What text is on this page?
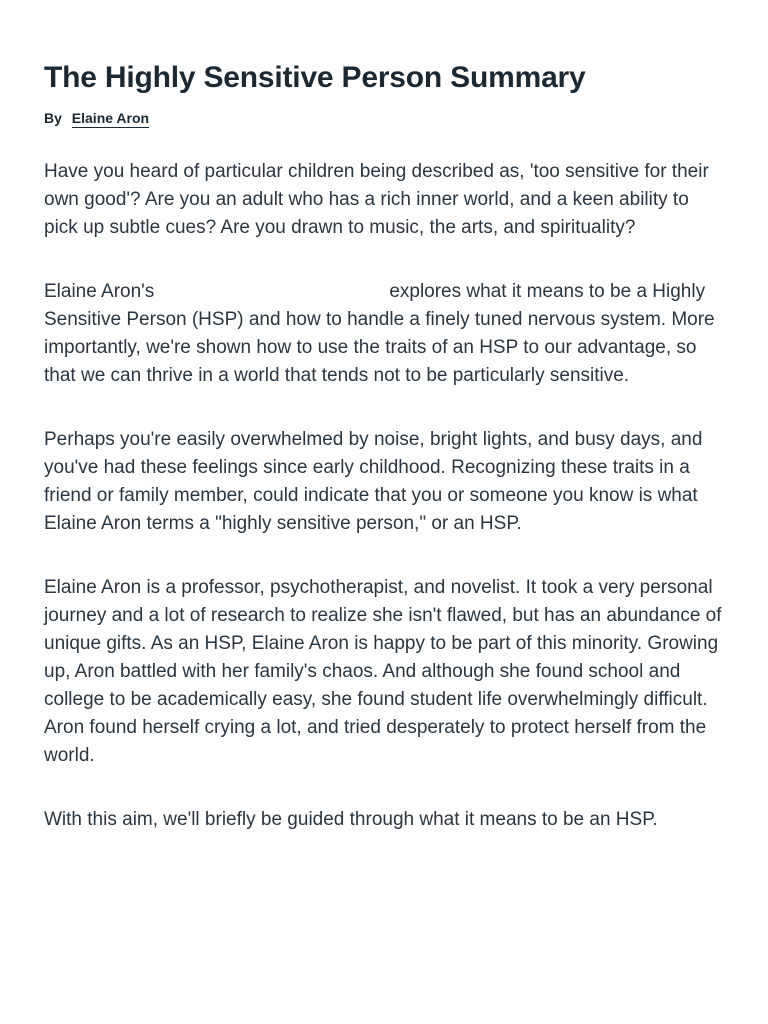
The Highly Sensitive Person Summary
By Elaine Aron

Have you heard of particular children being described as, 'too sensitive for their own good'? Are you an adult who has a rich inner world, and a keen ability to pick up subtle cues? Are you drawn to music, the arts, and spirituality?

Elaine Aron's	explores what it means to be a Highly Sensitive Person (HSP) and how to handle a finely tuned nervous system. More importantly, we're shown how to use the traits of an HSP to our advantage, so that we can thrive in a world that tends not to be particularly sensitive.

Perhaps you're easily overwhelmed by noise, bright lights, and busy days, and you've had these feelings since early childhood. Recognizing these traits in a friend or family member, could indicate that you or someone you know is what Elaine Aron terms a "highly sensitive person," or an HSP.

Elaine Aron is a professor, psychotherapist, and novelist. It took a very personal journey and a lot of research to realize she isn't flawed, but has an abundance of unique gifts. As an HSP, Elaine Aron is happy to be part of this minority. Growing up, Aron battled with her family's chaos. And although she found school and college to be academically easy, she found student life overwhelmingly difficult. Aron found herself crying a lot, and tried desperately to protect herself from the world.

With this aim, we'll briefly be guided through what it means to be an HSP.
